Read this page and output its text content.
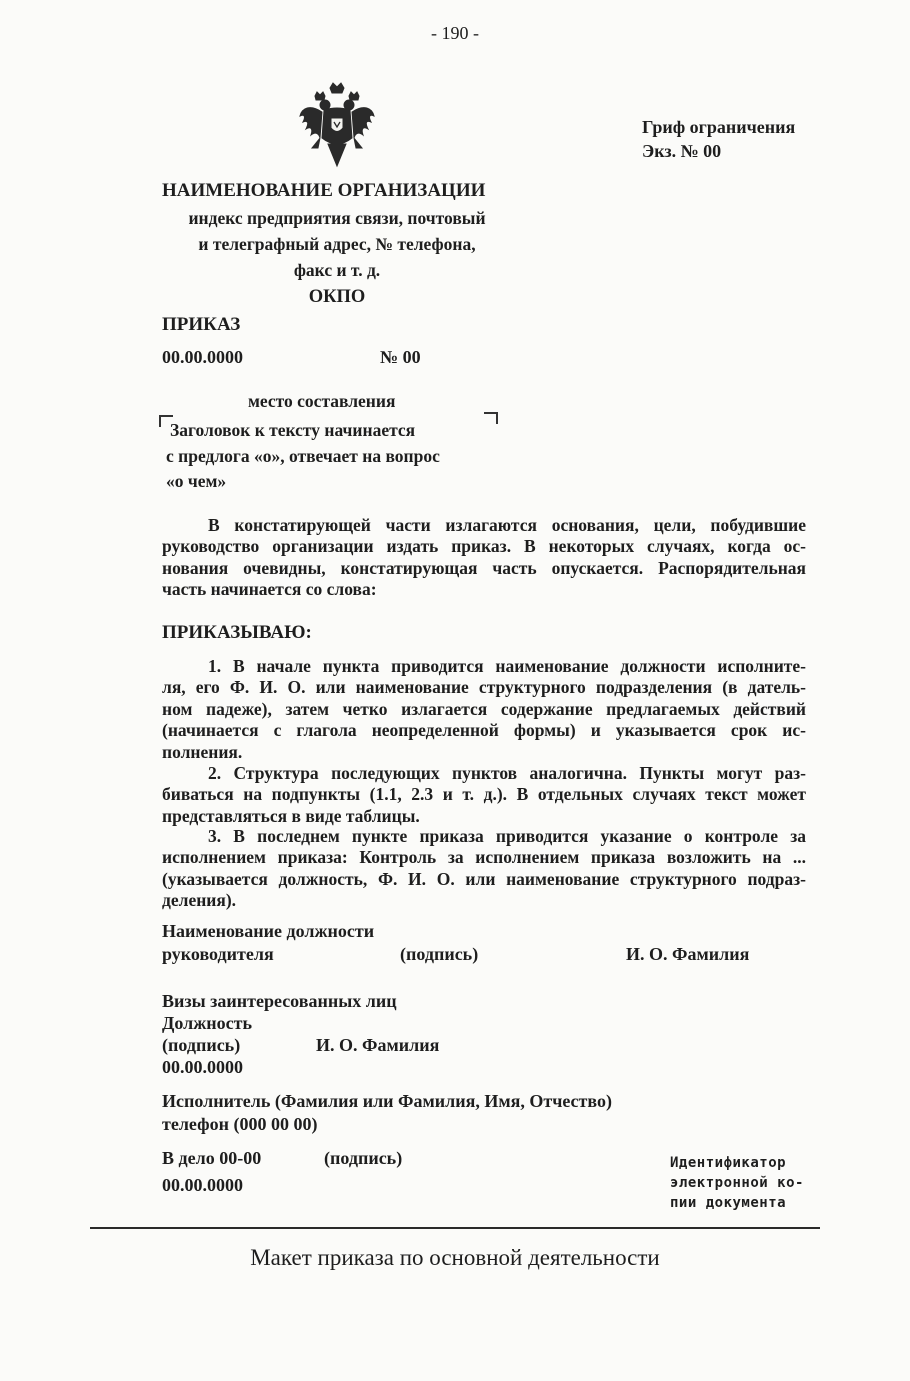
- 190 -
Гриф ограничения
Экз. № 00
НАИМЕНОВАНИЕ ОРГАНИЗАЦИИ
индекс предприятия связи, почтовый
и телеграфный адрес, № телефона,
факс и т. д.
ОКПО
ПРИКАЗ
00.00.0000	№ 00
место составления
Заголовок к тексту начинается
с предлога «о», отвечает на вопрос
«о чем»
В констатирующей части излагаются основания, цели, побудившие
руководство организации издать приказ. В некоторых случаях, когда ос-
нования очевидны, констатирующая часть опускается. Распорядительная
часть начинается со слова:
ПРИКАЗЫВАЮ:
1. В начале пункта приводится наименование должности исполните-
ля, его Ф. И. О. или наименование структурного подразделения (в датель-
ном падеже), затем четко излагается содержание предлагаемых действий
(начинается с глагола неопределенной формы) и указывается срок ис-
полнения.
2. Структура последующих пунктов аналогична. Пункты могут раз-
биваться на подпункты (1.1, 2.3 и т. д.). В отдельных случаях текст может
представляться в виде таблицы.
3. В последнем пункте приказа приводится указание о контроле за
исполнением приказа: Контроль за исполнением приказа возложить на ...
(указывается должность, Ф. И. О. или наименование структурного подраз-
деления).
Наименование должности
руководителя	(подпись)	И. О. Фамилия
Визы заинтересованных лиц
Должность
(подпись)	И. О. Фамилия
00.00.0000
Исполнитель (Фамилия или Фамилия, Имя, Отчество)
телефон (000 00 00)
В дело 00-00	(подпись)
00.00.0000
Идентификатор
электронной ко-
пии документа
Макет приказа по основной деятельности
